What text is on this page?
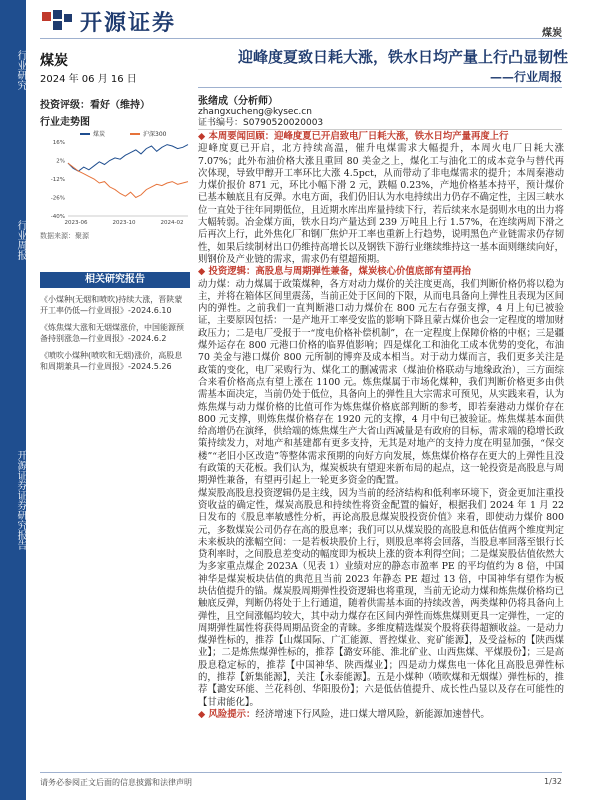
行业研究
行业周报
开源证券证券研究报告
开源证券	煤炭
煤炭
2024 年 06 月 16 日
迎峰度夏致日耗大涨，铁水日均产量上行凸显韧性
——行业周报
投资评级：看好（维持）
行业走势图
煤炭	沪深300
-40%
-26%
-12%
2%
16%
2023-06	2023-10	2024-02
数据来源：聚源
相关研究报告
《小煤种(无烟和喷吹)持续大涨，晋陕蒙开工率仍低—行业周报》-2024.6.10
《炼焦煤大涨和无烟煤涨价，中国能源预备持别涨急—行业周报》-2024.6.2
《喷吹小煤种(喷吹和无烟)涨价，高股息和周期兼具—行业周报》-2024.5.26
张绪成（分析师）
zhangxucheng@kysec.cn
证书编号：S0790520020003

◆ 本周要闻回顾：迎峰度夏已开启致电厂日耗大涨，铁水日均产量再度上行

迎峰度夏已开启，北方持续高温，催升电煤需求大幅提升，本周火电厂日耗大涨 7.07%；此外布油价格大涨且重回 80 美金之上，煤化工与油化工的成本竞争与替代再次体现，导致甲醇开工率环比大涨 4.5pct，从而带动了非电煤需求的提升；本周秦港动力煤价报价 871 元，环比小幅下滑 2 元，跌幅 0.23%，产地价格基本持平，预计煤价已基本触底且有反弹。水电方面，我们仍旧认为水电持续出力仍存不确定性，主因三峡水位一直处于往年同期低位，且近期水库出库量持续下行，若后续来水是弱则水电的出力将大幅转弱。冶金煤方面，铁水日均产量达到 239 万吨且上行 1.57%，在连续两周下滑之后再次上行，此外焦化厂和钢厂焦炉开工率也重新上行趋势，说明黑色产业链需求仍存韧性，如果后续制材出口仍维持高增长以及钢铁下游行业继续维持这一基本面则继续向好，则钢价及产业链的需求，需求仍有望超预期。

◆ 投资逻辑：高股息与周期弹性兼备，煤炭核心价值底部有望再抬

动力煤：动力煤属于政策煤种，各方对动力煤价的关注度更高，我们判断价格仍将以稳为主，并将在箱体区间里震荡，当前正处于区间的下限，从而电具备向上弹性且表现为区间内的弹性。之前我们一直判断港口动力煤价在 800 元左右存强支撑，4 月上旬已被验证，主要原因包括：一是产地开工率受安监的影响下降且蒙古煤价也会一定程度的增加财政压力；二是电厂受报于一“度电价格补偿机制”，在一定程度上保障价格的中枢；三是疆煤外运存在 800 元港口价格的临界值影响；四是煤化工和油化工成本优势的变化，布油 70 美金与港口煤价 800 元所制的博弈及成本相当。对于动力煤而言，我们更多关注是政策的变化，电厂采购行为、煤化工的删减需求（煤油价格联动与地缘政治），三方面综合来看价格高点有望上涨在 1100 元。炼焦煤属于市场化煤种，我们判断价格更多由供需基本面决定，当前仍处于低位，具备向上的弹性且大宗需求可预见，从实践来看，认为炼焦煤与动力煤价格的比值可作为炼焦煤价格底部判断的参考，即若秦港动力煤价存在 800 元支撑，则炼焦煤价格存在 1920 元的支撑，4 月中旬已被验证。炼焦煤基本面供给高增仍在演绎，供给端的炼焦煤生产大省山西减量是有政府的目标，需求端的稳增长政策持续发力，对地产和基建都有更多支持，无其是对地产的支持力度在明显加强，“保交楼”“老旧小区改造”等整体需求预期的向好方向发展，炼焦煤价格存在更大的上弹性且没有政策的天花板。我们认为，煤炭板块有望迎来新布局的起点，这一轮投资是高股息与周期弹性兼备，有望再引起上一轮更多资金的配置。

煤炭股高股息投资逻辑仍是主线，因为当前的经济结构和低利率环境下，资金更加注重投资收益的确定性，煤炭高股息和持续性将资金配置的偏好，根据我们 2024 年 1 月 22 日发布的《股息率敏感性分析，再论高股息煤炭股投资价值》来看，即使动力煤价 800 元，多数煤炭公司仍存在高的股息率；我们可以从煤炭股的高股息和低估值两个维度判定未来板块的涨幅空间：一是若板块股价上行，则股息率将会回落，当股息率回落至银行长贷利率时，之间股息差变动的幅度即为板块上涨的资本利得空间；二是煤炭股估值依然大为多家重点煤企 2023A（见表 1）业绩对应的静态市盈率 PE 的平均值约为 8 倍，中国神华是煤炭板块估值的典范且当前 2023 年静态 PE 超过 13 倍，中国神华有望作为板块估值提升的锚。煤炭股周期弹性投资逻辑也将重现，当前无论动力煤和炼焦煤价格均已触底反弹，判断仍将处于上行通道，随着供需基本面的持续改善，两类煤种仍将具备向上弹性，且空间涨幅均较大，其中动力煤存在区间内弹性而炼焦煤则更具一定弹性，一定的周期弹性属性将获得周期品资金的青睐。多维度精选煤炭个股将获得超额收益。一是动力煤弹性标的，推荐【山煤国际、广汇能源、晋控煤业、兖矿能源】，及受益标的【陕西煤业】；二是炼焦煤弹性标的，推荐【潞安环能、淮北矿业、山西焦煤、平煤股份】；三是高股息稳定标的，推荐【中国神华、陕西煤业】；四是动力煤焦电一体化且高股息弹性标的，推荐【新集能源】，关注【永泰能源】。五是小煤种（喷吹煤和无烟煤）弹性标的，推荐【潞安环能、兰花科创、华阳股份】；六是低估值提升、成长性凸显以及存在可能性的【甘肃能化】。

◆ 风险提示：经济增速下行风险，进口煤大增风险，新能源加速替代。

请务必参阅正文后面的信息披露和法律声明	1/32
